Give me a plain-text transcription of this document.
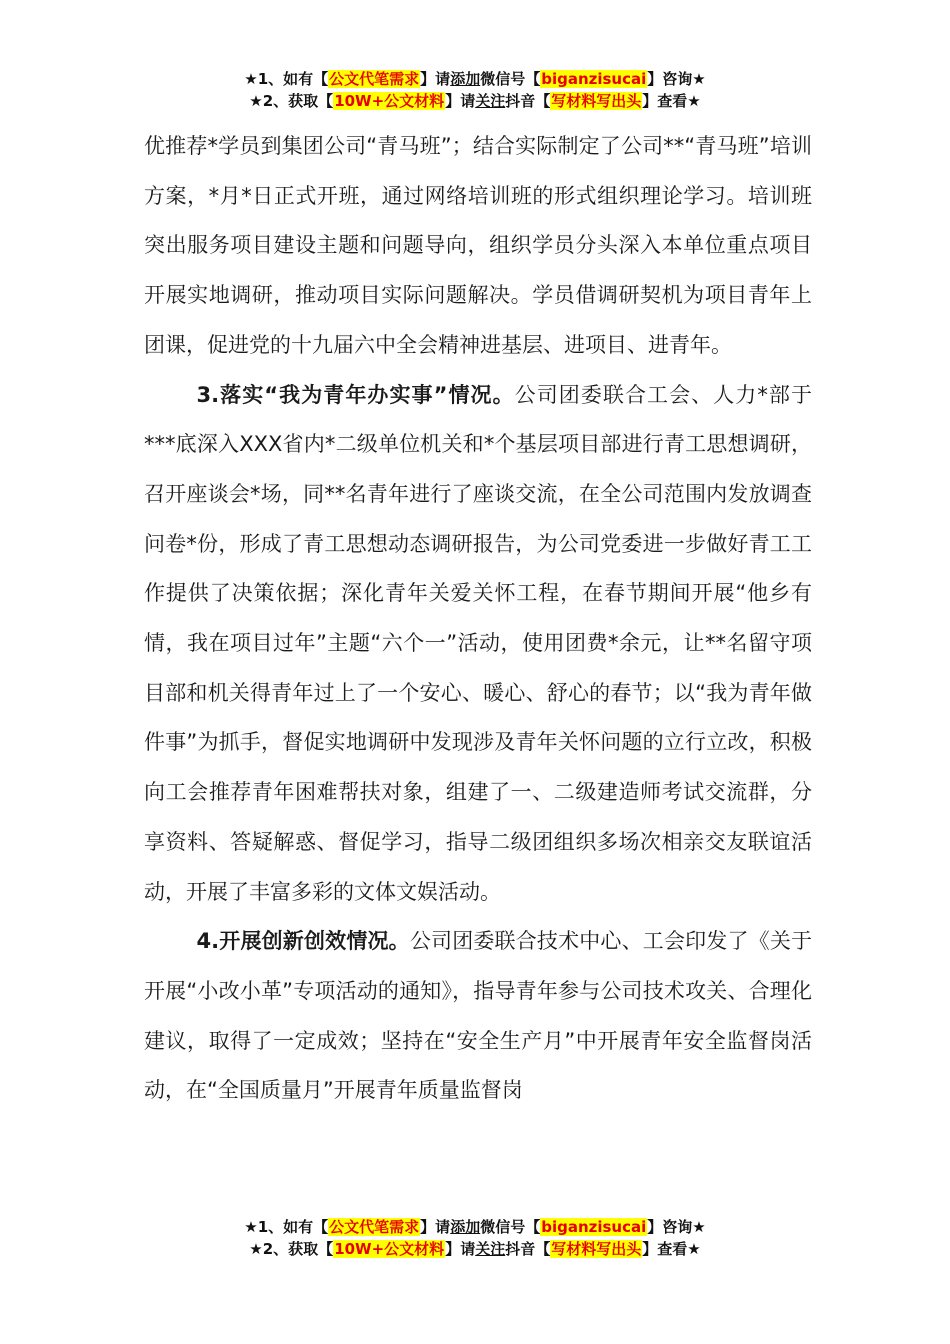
★1、如有【公文代笔需求】请添加微信号【biganzisucai】咨询★
★2、获取【10W+公文材料】请关注抖音【写材料写出头】查看★

优推荐*学员到集团公司“青马班”；结合实际制定了公司**“青马班”培训方案，*月*日正式开班，通过网络培训班的形式组织理论学习。培训班突出服务项目建设主题和问题导向，组织学员分头深入本单位重点项目开展实地调研，推动项目实际问题解决。学员借调研契机为项目青年上团课，促进党的十九届六中全会精神进基层、进项目、进青年。

3.落实“我为青年办实事”情况。公司团委联合工会、人力*部于***底深入XXX省内*二级单位机关和*个基层项目部进行青工思想调研，召开座谈会*场，同**名青年进行了座谈交流，在全公司范围内发放调查问卷*份，形成了青工思想动态调研报告，为公司党委进一步做好青工工作提供了决策依据；深化青年关爱关怀工程，在春节期间开展“他乡有情，我在项目过年”主题“六个一”活动，使用团费*余元，让**名留守项目部和机关得青年过上了一个安心、暖心、舒心的春节；以“我为青年做件事”为抓手，督促实地调研中发现涉及青年关怀问题的立行立改，积极向工会推荐青年困难帮扶对象，组建了一、二级建造师考试交流群，分享资料、答疑解惑、督促学习，指导二级团组织多场次相亲交友联谊活动，开展了丰富多彩的文体文娱活动。

4.开展创新创效情况。公司团委联合技术中心、工会印发了《关于开展“小改小革”专项活动的通知》，指导青年参与公司技术攻关、合理化建议，取得了一定成效；坚持在“安全生产月”中开展青年安全监督岗活动，在“全国质量月”开展青年质量监督岗

★1、如有【公文代笔需求】请添加微信号【biganzisucai】咨询★
★2、获取【10W+公文材料】请关注抖音【写材料写出头】查看★
